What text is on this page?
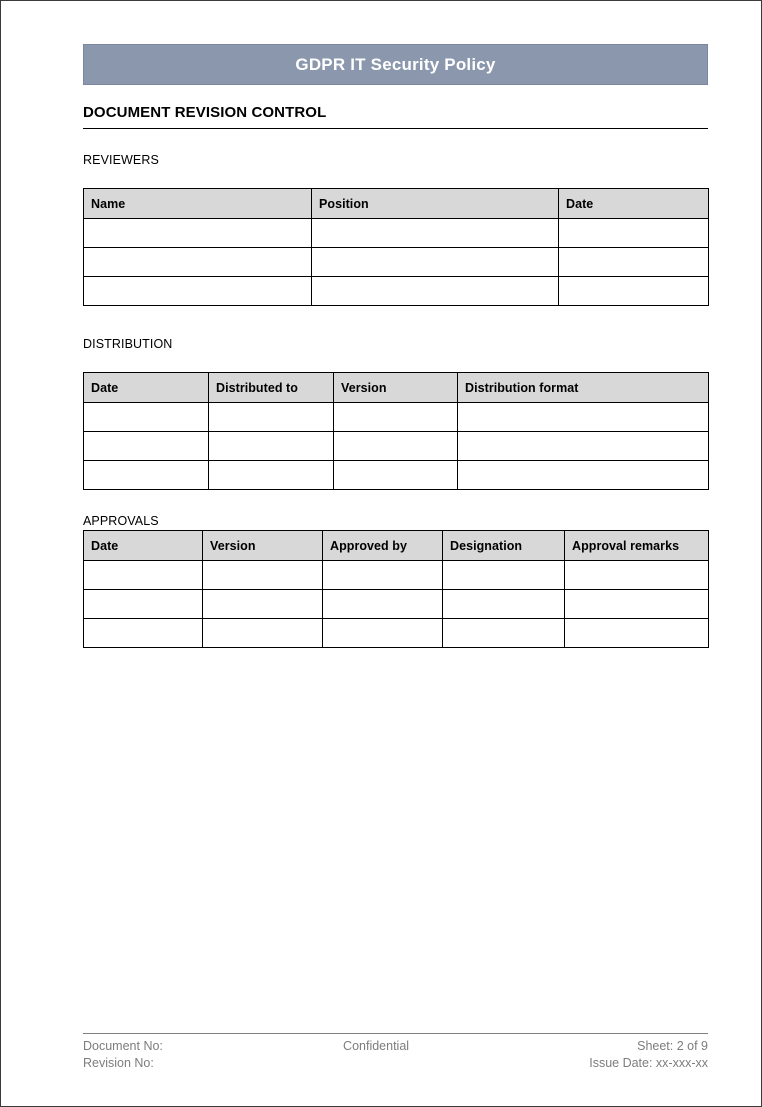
GDPR IT Security Policy
DOCUMENT REVISION CONTROL
REVIEWERS
Name	Position	Date

DISTRIBUTION
Date	Distributed to	Version	Distribution format

APPROVALS
Date	Version	Approved by	Designation	Approval remarks

Document No:
Revision No:
Confidential	Sheet: 2 of 9
Issue Date: xx-xxx-xx
